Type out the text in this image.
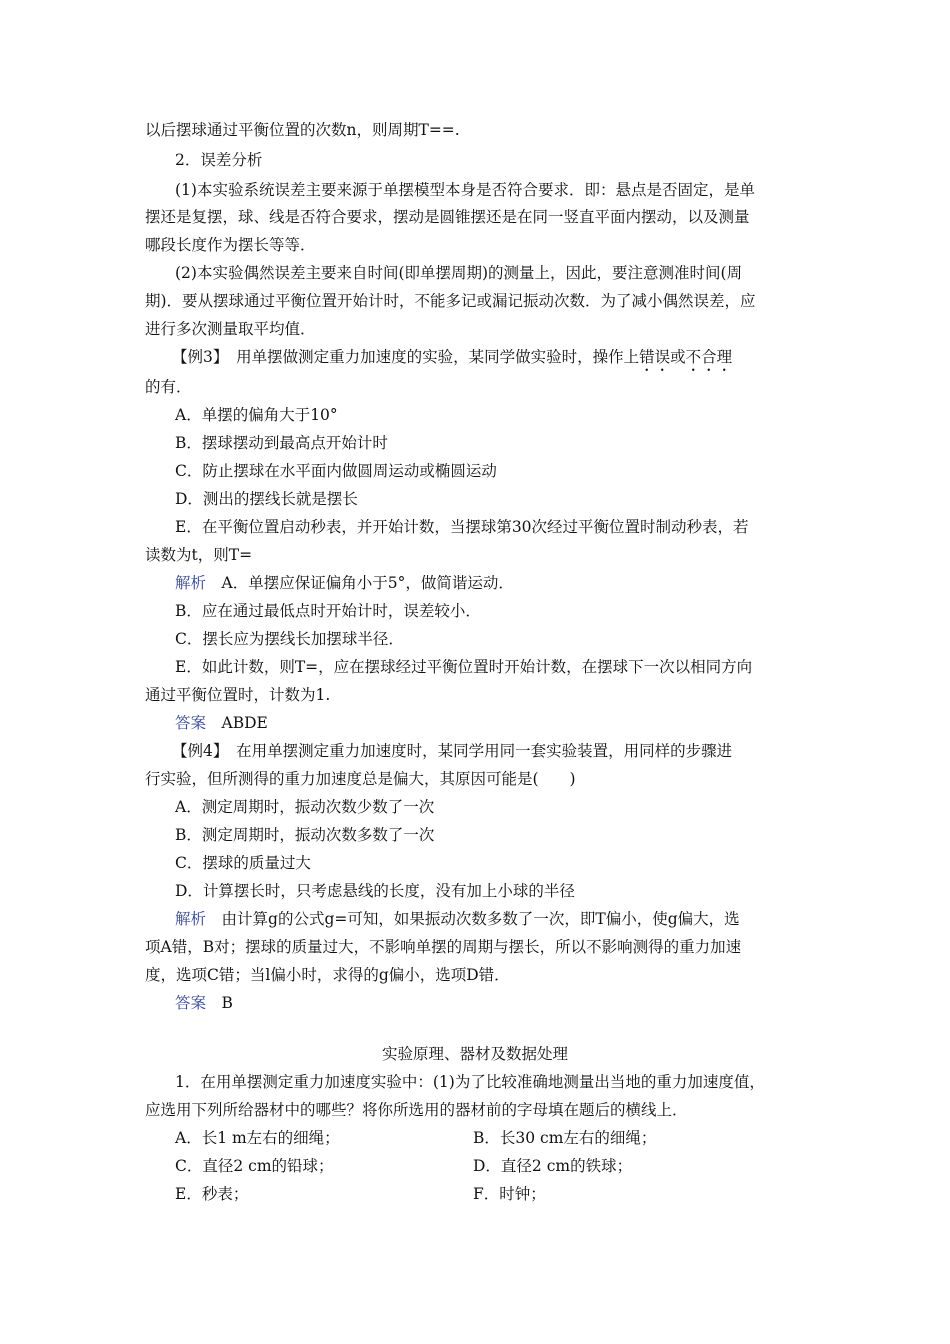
以后摆球通过平衡位置的次数n，则周期T==.
2．误差分析
(1)本实验系统误差主要来源于单摆模型本身是否符合要求．即：悬点是否固定，是单
摆还是复摆，球、线是否符合要求，摆动是圆锥摆还是在同一竖直平面内摆动，以及测量
哪段长度作为摆长等等．
(2)本实验偶然误差主要来自时间(即单摆周期)的测量上，因此，要注意测准时间(周
期)．要从摆球通过平衡位置开始计时，不能多记或漏记振动次数．为了减小偶然误差，应
进行多次测量取平均值．
【例3】　用单摆做测定重力加速度的实验，某同学做实验时，操作上错误或不合理
的有．
A．单摆的偏角大于10°
B．摆球摆动到最高点开始计时
C．防止摆球在水平面内做圆周运动或椭圆运动
D．测出的摆线长就是摆长
E．在平衡位置启动秒表，并开始计数，当摆球第30次经过平衡位置时制动秒表，若
读数为t，则T=
解析　 A．单摆应保证偏角小于5°，做简谐运动．
B．应在通过最低点时开始计时，误差较小．
C．摆长应为摆线长加摆球半径．
E．如此计数，则T=，应在摆球经过平衡位置时开始计数，在摆球下一次以相同方向
通过平衡位置时，计数为1.
答案　 ABDE
【例4】　在用单摆测定重力加速度时，某同学用同一套实验装置，用同样的步骤进
行实验，但所测得的重力加速度总是偏大，其原因可能是(　　)
A．测定周期时，振动次数少数了一次
B．测定周期时，振动次数多数了一次
C．摆球的质量过大
D．计算摆长时，只考虑悬线的长度，没有加上小球的半径
解析　 由计算g的公式g=可知，如果振动次数多数了一次，即T偏小，使g偏大，选
项A错，B对；摆球的质量过大，不影响单摆的周期与摆长，所以不影响测得的重力加速
度，选项C错；当l偏小时，求得的g偏小，选项D错．
答案　 B
实验原理、器材及数据处理
1．在用单摆测定重力加速度实验中：(1)为了比较准确地测量出当地的重力加速度值，
应选用下列所给器材中的哪些？将你所选用的器材前的字母填在题后的横线上．
A．长1 m左右的细绳；	B．长30 cm左右的细绳；
C．直径2 cm的铅球；	D．直径2 cm的铁球；
E．秒表；	F．时钟；
